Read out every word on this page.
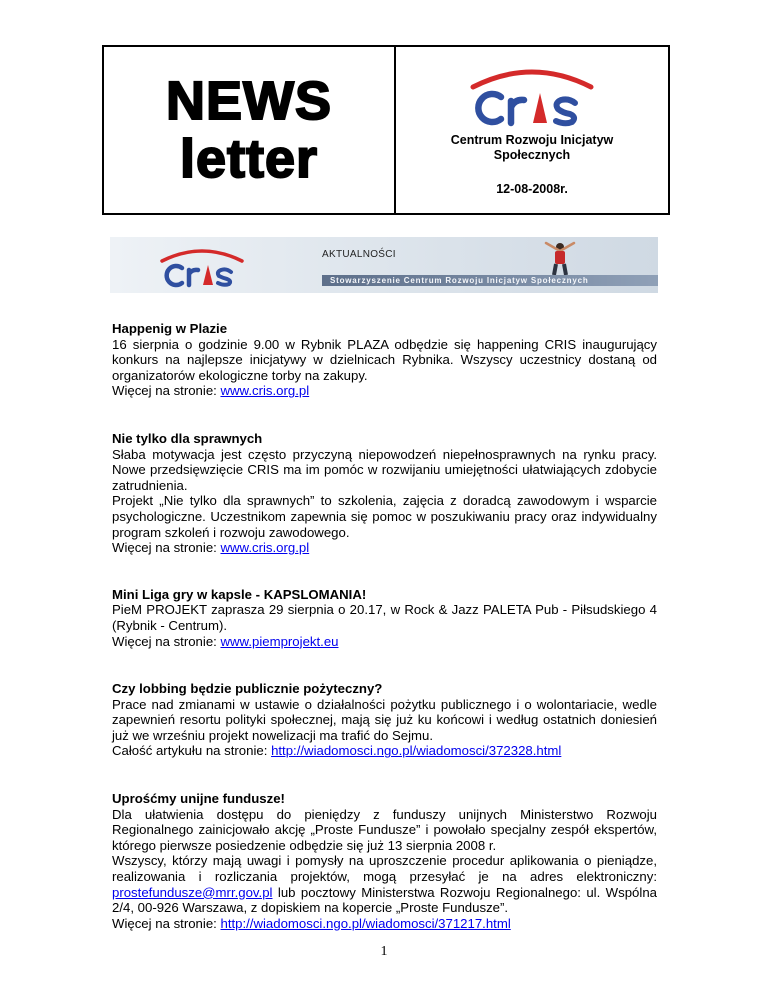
NEWS
letter	Centrum Rozwoju Inicjatyw
Społecznych
12-08-2008r.
AKTUALNOŚCI
Stowarzyszenie Centrum Rozwoju Inicjatyw Społecznych
Happenig w Plazie
16 sierpnia o godzinie 9.00 w Rybnik PLAZA odbędzie się happening CRIS inaugurujący konkurs na najlepsze inicjatywy w dzielnicach Rybnika. Wszyscy uczestnicy dostaną od organizatorów ekologiczne torby na zakupy.
Więcej na stronie: www.cris.org.pl
Nie tylko dla sprawnych
Słaba motywacja jest często przyczyną niepowodzeń niepełnosprawnych na rynku pracy. Nowe przedsięwzięcie CRIS ma im pomóc w rozwijaniu umiejętności ułatwiających zdobycie zatrudnienia.
Projekt „Nie tylko dla sprawnych” to szkolenia, zajęcia z doradcą zawodowym i wsparcie psychologiczne. Uczestnikom zapewnia się pomoc w poszukiwaniu pracy oraz indywidualny program szkoleń i rozwoju zawodowego.
Więcej na stronie: www.cris.org.pl
Mini Liga gry w kapsle - KAPSLOMANIA!
PieM PROJEKT zaprasza 29 sierpnia o 20.17, w Rock & Jazz PALETA Pub - Piłsudskiego 4 (Rybnik - Centrum).
Więcej na stronie: www.piemprojekt.eu
Czy lobbing będzie publicznie pożyteczny?
Prace nad zmianami w ustawie o działalności pożytku publicznego i o wolontariacie, wedle zapewnień resortu polityki społecznej, mają się już ku końcowi i według ostatnich doniesień już we wrześniu projekt nowelizacji ma trafić do Sejmu.
Całość artykułu na stronie: http://wiadomosci.ngo.pl/wiadomosci/372328.html
Uprośćmy unijne fundusze!
Dla ułatwienia dostępu do pieniędzy z funduszy unijnych Ministerstwo Rozwoju Regionalnego zainicjowało akcję „Proste Fundusze” i powołało specjalny zespół ekspertów, którego pierwsze posiedzenie odbędzie się już 13 sierpnia 2008 r.
Wszyscy, którzy mają uwagi i pomysły na uproszczenie procedur aplikowania o pieniądze, realizowania i rozliczania projektów, mogą przesyłać je na adres elektroniczny: prostefundusze@mrr.gov.pl lub pocztowy Ministerstwa Rozwoju Regionalnego: ul. Wspólna 2/4, 00-926 Warszawa, z dopiskiem na kopercie „Proste Fundusze”.
Więcej na stronie: http://wiadomosci.ngo.pl/wiadomosci/371217.html
1
